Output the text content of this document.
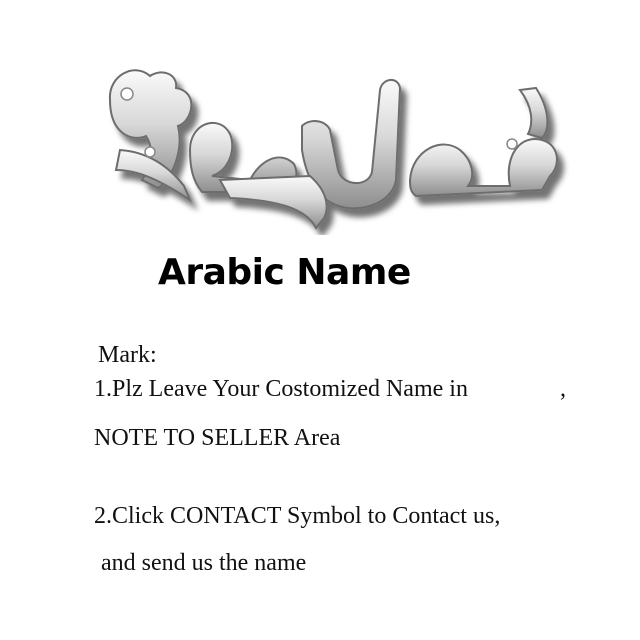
Arabic Name
Mark:
1.Plz Leave Your Costomized Name in	,
NOTE TO SELLER Area
2.Click CONTACT Symbol to Contact us,
and send us the name
